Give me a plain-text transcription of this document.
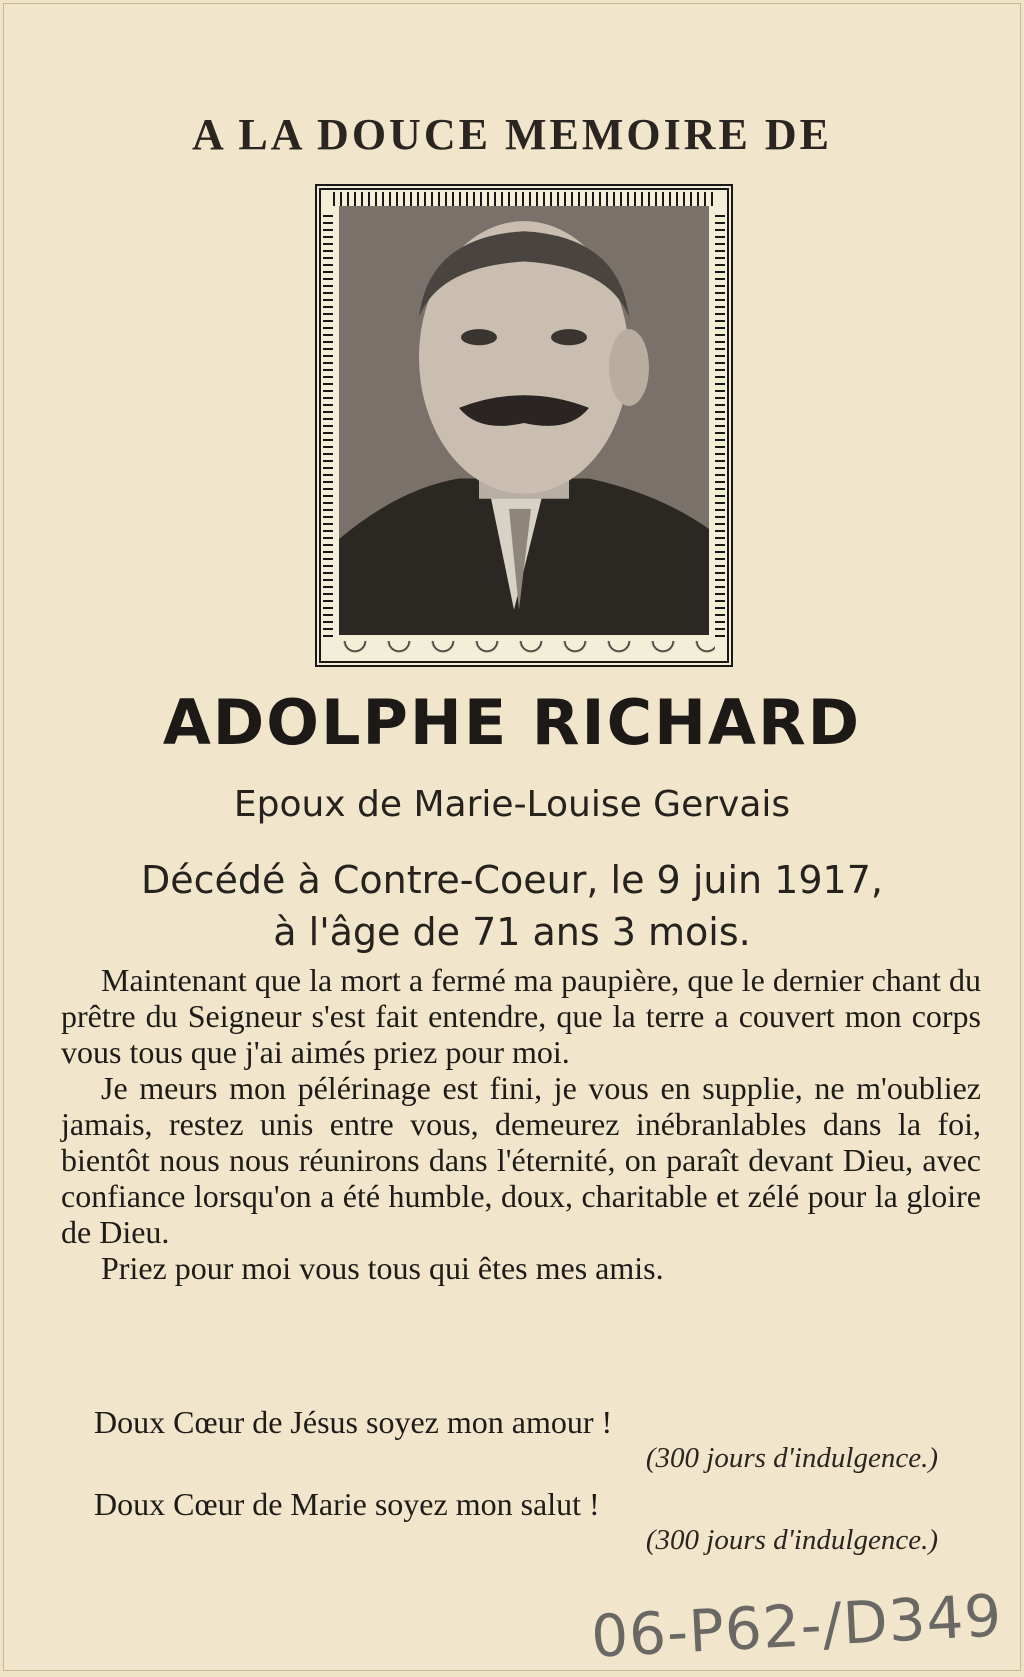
A LA DOUCE MEMOIRE DE
ADOLPHE RICHARD
Epoux de Marie-Louise Gervais
Décédé à Contre-Coeur, le 9 juin 1917,
à l'âge de 71 ans 3 mois.

Maintenant que la mort a fermé ma paupière, que le dernier chant du prêtre du Seigneur s'est fait entendre, que la terre a couvert mon corps vous tous que j'ai aimés priez pour moi.

Je meurs mon pélérinage est fini, je vous en supplie, ne m'oubliez jamais, restez unis entre vous, demeurez inébranlables dans la foi, bientôt nous nous réunirons dans l'éternité, on paraît devant Dieu, avec confiance lorsqu'on a été humble, doux, charitable et zélé pour la gloire de Dieu.

Priez pour moi vous tous qui êtes mes amis.

Doux Cœur de Jésus soyez mon amour !
(300 jours d'indulgence.)
Doux Cœur de Marie soyez mon salut !
(300 jours d'indulgence.)
06-P62-/D349
